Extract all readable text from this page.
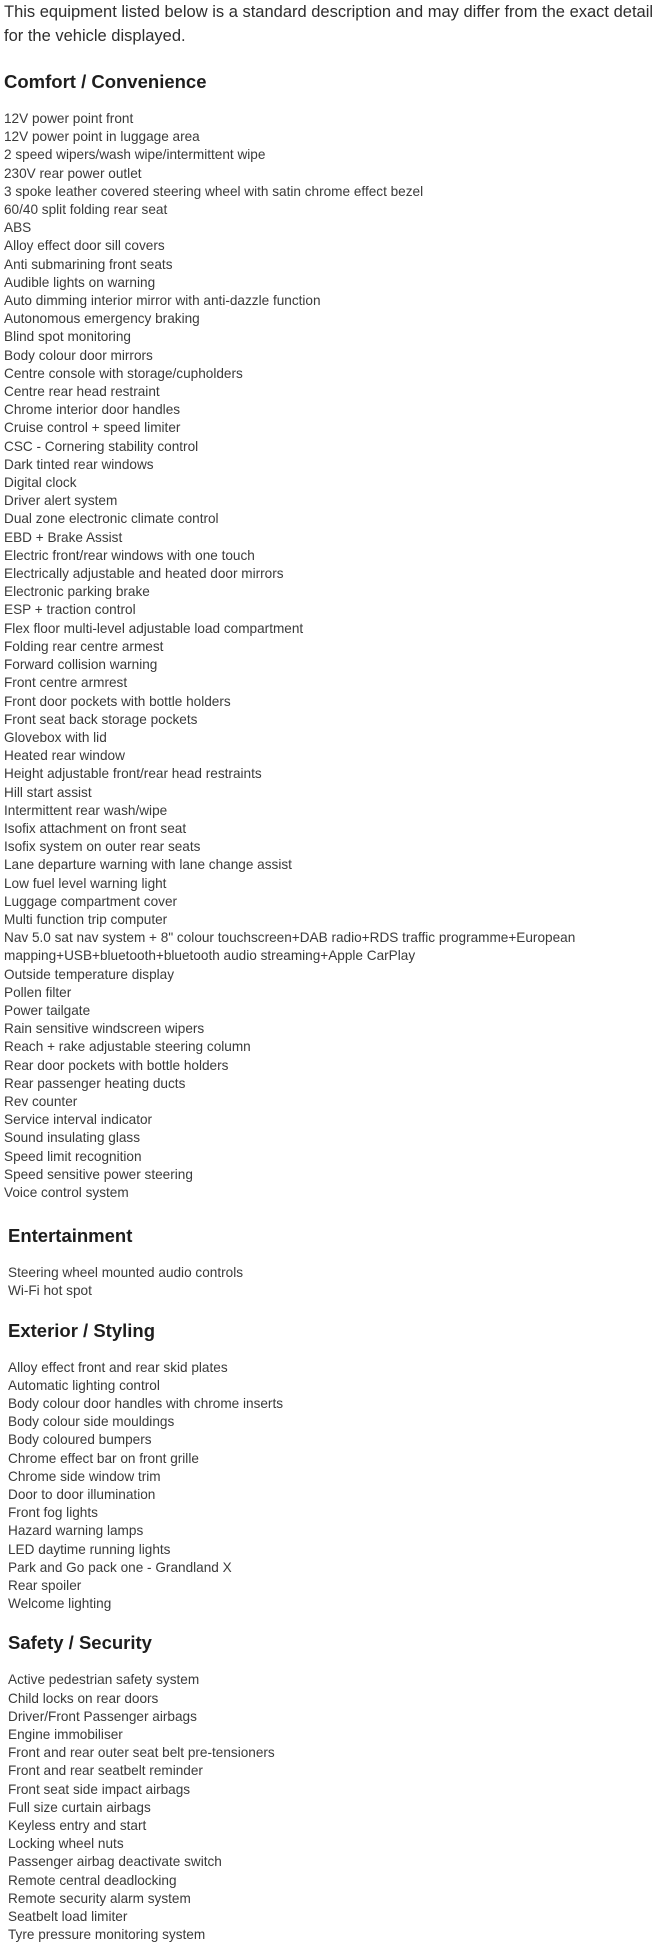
This equipment listed below is a standard description and may differ from the exact detail for the vehicle displayed.

Comfort / Convenience
12V power point front
12V power point in luggage area
2 speed wipers/wash wipe/intermittent wipe
230V rear power outlet
3 spoke leather covered steering wheel with satin chrome effect bezel
60/40 split folding rear seat
ABS
Alloy effect door sill covers
Anti submarining front seats
Audible lights on warning
Auto dimming interior mirror with anti-dazzle function
Autonomous emergency braking
Blind spot monitoring
Body colour door mirrors
Centre console with storage/cupholders
Centre rear head restraint
Chrome interior door handles
Cruise control + speed limiter
CSC - Cornering stability control
Dark tinted rear windows
Digital clock
Driver alert system
Dual zone electronic climate control
EBD + Brake Assist
Electric front/rear windows with one touch
Electrically adjustable and heated door mirrors
Electronic parking brake
ESP + traction control
Flex floor multi-level adjustable load compartment
Folding rear centre armest
Forward collision warning
Front centre armrest
Front door pockets with bottle holders
Front seat back storage pockets
Glovebox with lid
Heated rear window
Height adjustable front/rear head restraints
Hill start assist
Intermittent rear wash/wipe
Isofix attachment on front seat
Isofix system on outer rear seats
Lane departure warning with lane change assist
Low fuel level warning light
Luggage compartment cover
Multi function trip computer
Nav 5.0 sat nav system + 8" colour touchscreen+DAB radio+RDS traffic programme+European mapping+USB+bluetooth+bluetooth audio streaming+Apple CarPlay
Outside temperature display
Pollen filter
Power tailgate
Rain sensitive windscreen wipers
Reach + rake adjustable steering column
Rear door pockets with bottle holders
Rear passenger heating ducts
Rev counter
Service interval indicator
Sound insulating glass
Speed limit recognition
Speed sensitive power steering
Voice control system
Entertainment
Steering wheel mounted audio controls
Wi-Fi hot spot
Exterior / Styling
Alloy effect front and rear skid plates
Automatic lighting control
Body colour door handles with chrome inserts
Body colour side mouldings
Body coloured bumpers
Chrome effect bar on front grille
Chrome side window trim
Door to door illumination
Front fog lights
Hazard warning lamps
LED daytime running lights
Park and Go pack one - Grandland X
Rear spoiler
Welcome lighting
Safety / Security
Active pedestrian safety system
Child locks on rear doors
Driver/Front Passenger airbags
Engine immobiliser
Front and rear outer seat belt pre-tensioners
Front and rear seatbelt reminder
Front seat side impact airbags
Full size curtain airbags
Keyless entry and start
Locking wheel nuts
Passenger airbag deactivate switch
Remote central deadlocking
Remote security alarm system
Seatbelt load limiter
Tyre pressure monitoring system
